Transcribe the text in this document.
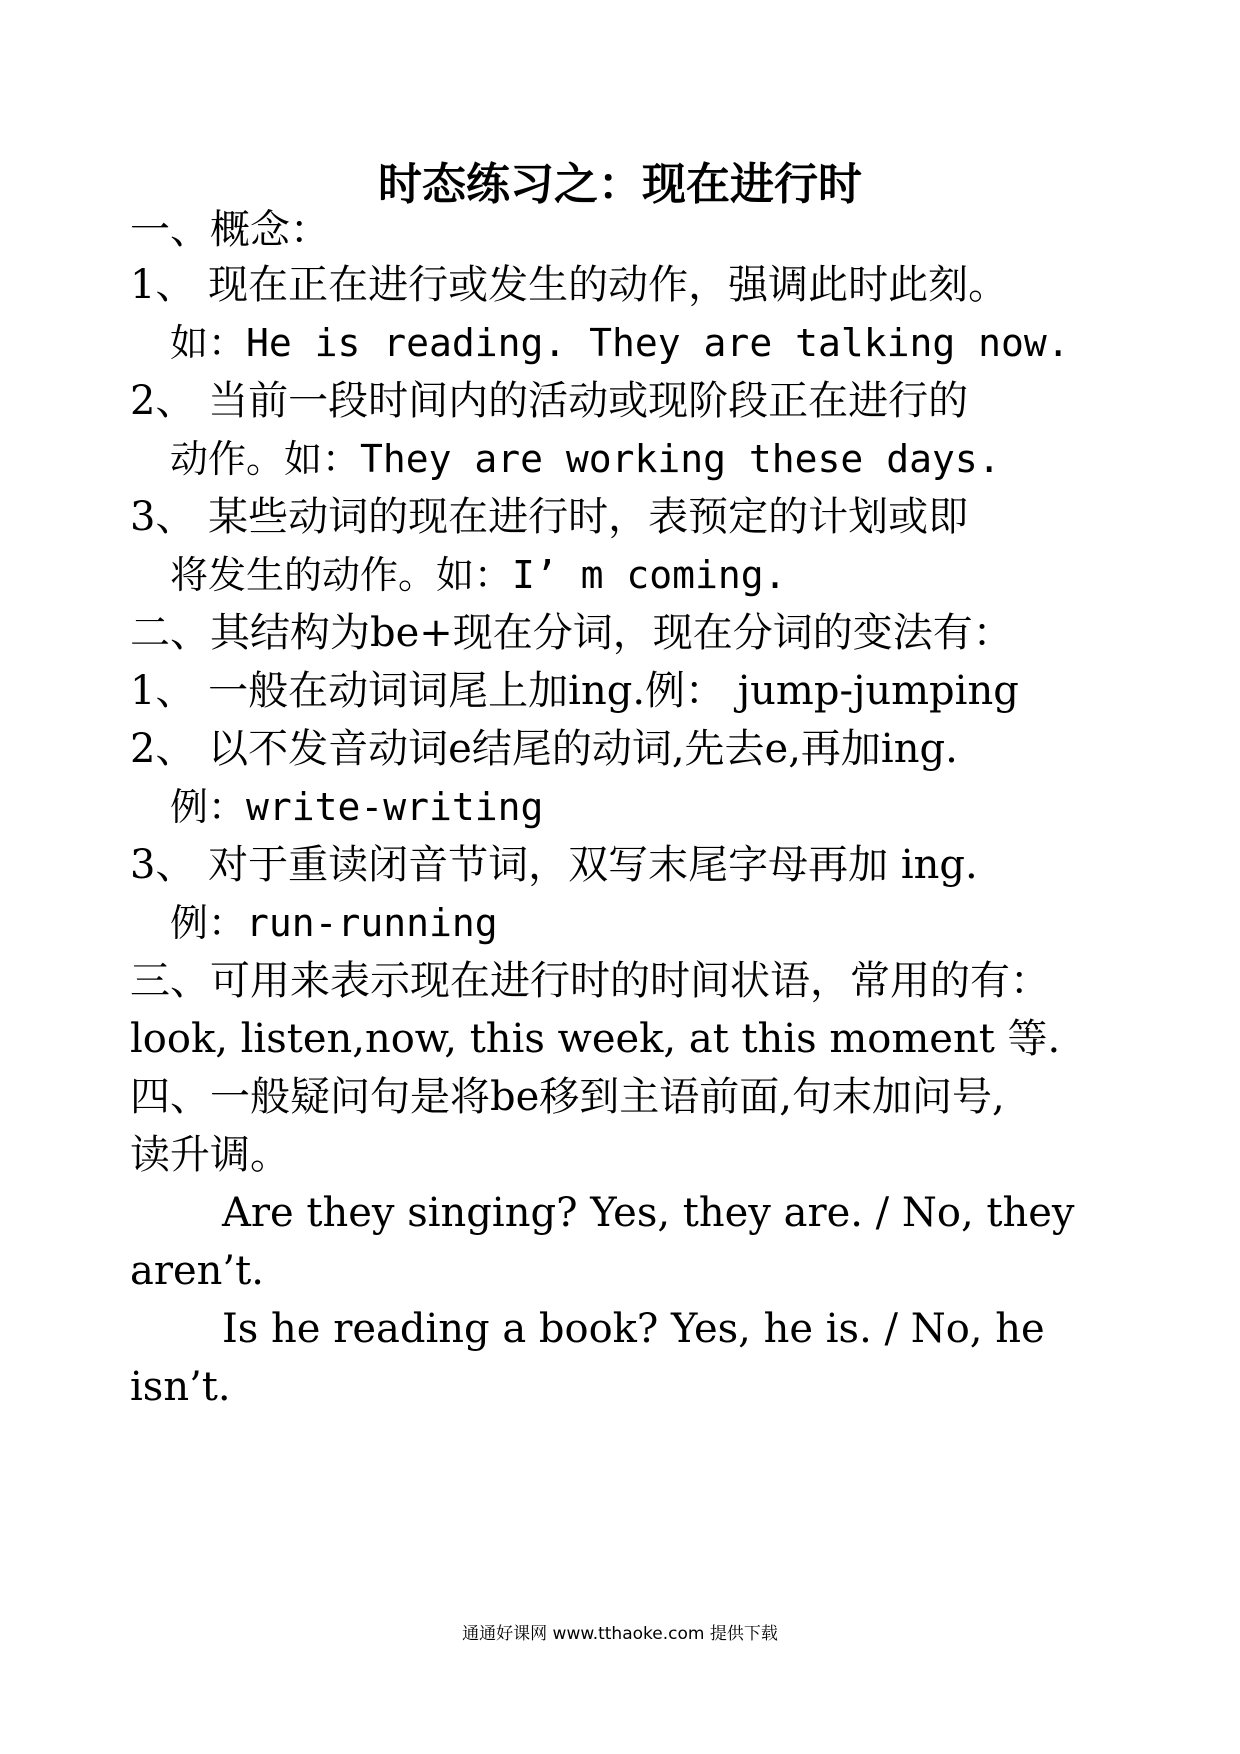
时态练习之：现在进行时
一、概念：
1、 现在正在进行或发生的动作，强调此时此刻。
如：He is reading. They are talking now.
2、 当前一段时间内的活动或现阶段正在进行的
动作。如：They are working these days.
3、 某些动词的现在进行时，表预定的计划或即
将发生的动作。如：I’ m coming.
二、其结构为be+现在分词，现在分词的变法有：
1、 一般在动词词尾上加ing.例： jump-jumping
2、 以不发音动词e结尾的动词,先去e,再加ing.
例：write-writing
3、 对于重读闭音节词，双写末尾字母再加 ing.
例：run-running
三、可用来表示现在进行时的时间状语，常用的有：
look, listen,now, this week, at this moment 等.
四、一般疑问句是将be移到主语前面,句末加问号,
读升调。
Are they singing? Yes, they are. / No, they
aren’t.
Is he reading a book? Yes, he is. / No, he
isn’t.
通通好课网 www.tthaoke.com 提供下载
